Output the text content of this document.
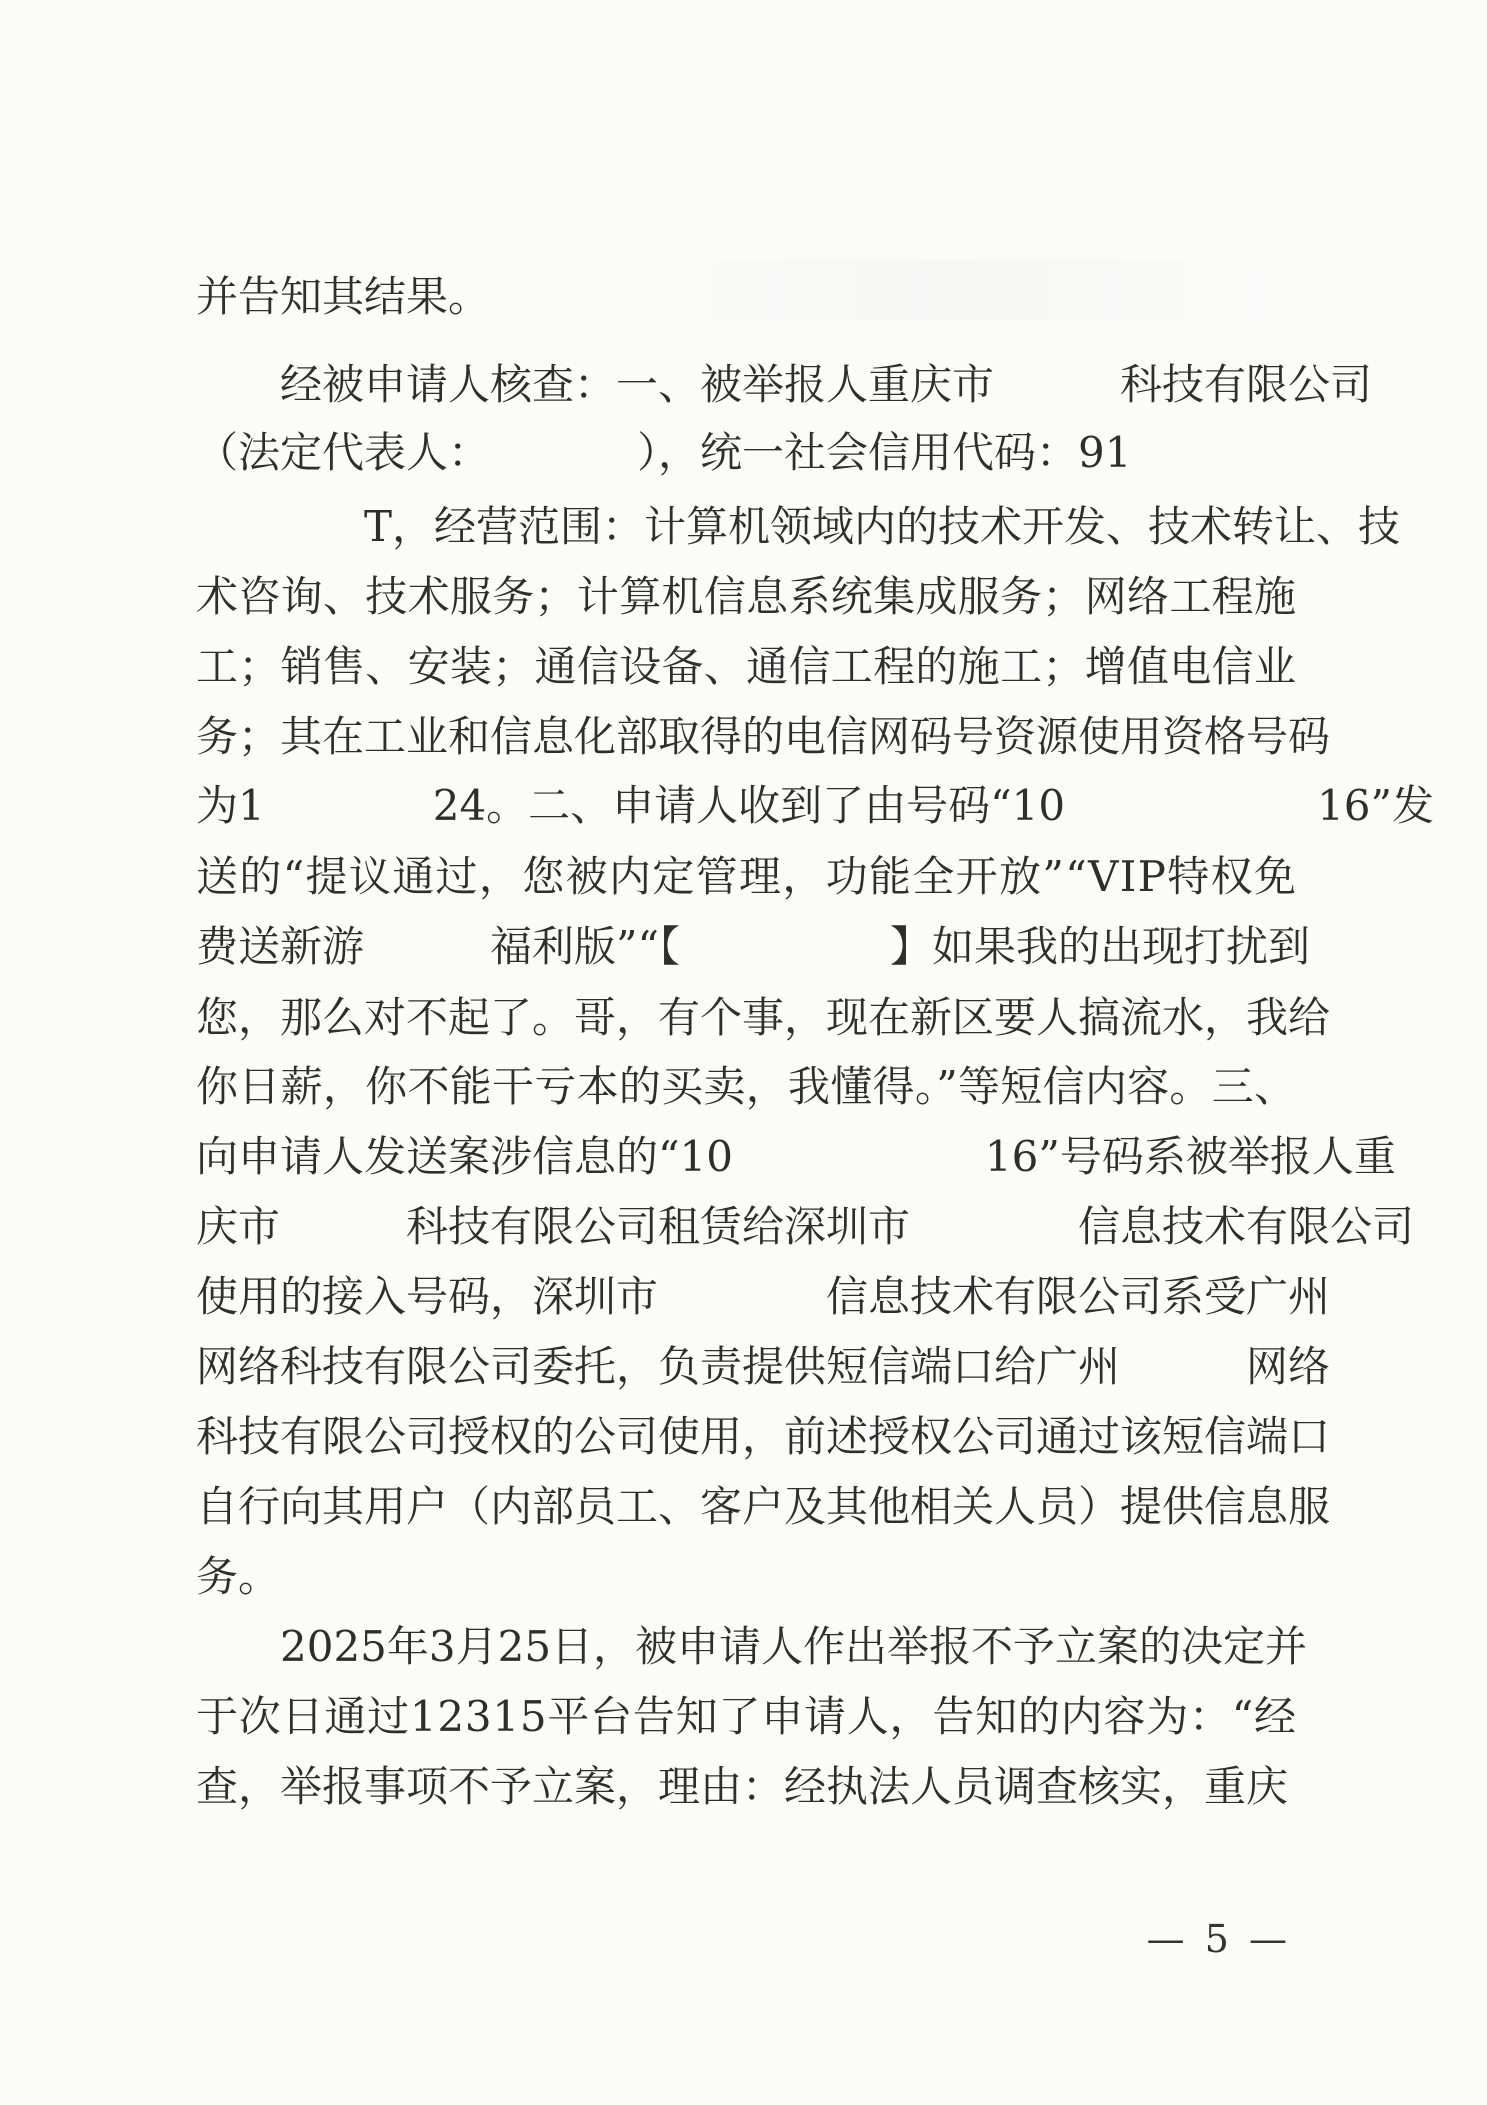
并告知其结果。
　　经被申请人核查：一、被举报人重庆市　　　科技有限公司
（法定代表人：　　　　），统一社会信用代码：91
　　　　T，经营范围：计算机领域内的技术开发、技术转让、技
术咨询、技术服务；计算机信息系统集成服务；网络工程施
工；销售、安装；通信设备、通信工程的施工；增值电信业
务；其在工业和信息化部取得的电信网码号资源使用资格号码
为1　　　　24。二、申请人收到了由号码“10　　　　　　16”发
送的“提议通过，您被内定管理，功能全开放”“VIP特权免
费送新游　　　福利版”“【　　　　　】如果我的出现打扰到
您，那么对不起了。哥，有个事，现在新区要人搞流水，我给
你日薪，你不能干亏本的买卖，我懂得。”等短信内容。三、
向申请人发送案涉信息的“10　　　　　　16”号码系被举报人重
庆市　　　科技有限公司租赁给深圳市　　　　信息技术有限公司
使用的接入号码，深圳市　　　　信息技术有限公司系受广州
网络科技有限公司委托，负责提供短信端口给广州　　　网络
科技有限公司授权的公司使用，前述授权公司通过该短信端口
自行向其用户（内部员工、客户及其他相关人员）提供信息服
务。
　　2025年3月25日，被申请人作出举报不予立案的决定并
于次日通过12315平台告知了申请人，告知的内容为：“经
查，举报事项不予立案，理由：经执法人员调查核实，重庆
— 5 —
